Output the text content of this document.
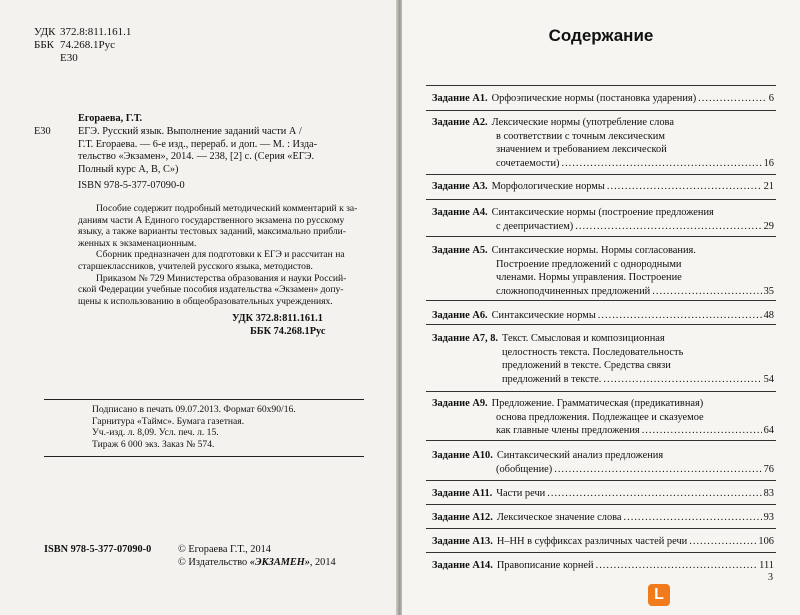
УДК 372.8:811.161.1
ББК 74.268.1Рус
Е30
Егораева, Г.Т.
Е30	ЕГЭ. Русский язык. Выполнение заданий части А /
Г.Т. Егораева. — 6-е изд., перераб. и доп. — М. : Изда-
тельство «Экзамен», 2014. — 238, [2] с. (Серия «ЕГЭ.
Полный курс А, В, С»)
ISBN 978-5-377-07090-0

Пособие содержит подробный методический комментарий к за-

даниям части А Единого государственного экзамена по русскому

языку, а также варианты тестовых заданий, максимально прибли-

женных к экзаменационным.

Сборник предназначен для подготовки к ЕГЭ и рассчитан на

старшеклассников, учителей русского языка, методистов.

Приказом № 729 Министерства образования и науки Россий-

ской Федерации учебные пособия издательства «Экзамен» допу-

щены к использованию в общеобразовательных учреждениях.

УДК 372.8:811.161.1
ББК 74.268.1Рус
Подписано в печать 09.07.2013. Формат 60x90/16.
Гарнитура «Таймс». Бумага газетная.
Уч.-изд. л. 8,09. Усл. печ. л. 15.
Тираж 6 000 экз. Заказ № 574.
ISBN 978-5-377-07090-0	© Егораева Г.Т., 2014
© Издательство «ЭКЗАМЕН», 2014
Содержание
Задание А1. Орфоэпические нормы (постановка ударения) .....	6
Задание А2. Лексические нормы (употребление слова
в соответствии с точным лексическим
значением и требованием лексической
сочетаемости) .....	16
Задание А3. Морфологические нормы .....	21
Задание А4. Синтаксические нормы (построение предложения
с деепричастием) .....	29
Задание А5. Синтаксические нормы. Нормы согласования.
Построение предложений с однородными
членами. Нормы управления. Построение
сложноподчиненных предложений .....	35
Задание А6. Синтаксические нормы .....	48
Задание А7, 8. Текст. Смысловая и композиционная
целостность текста. Последовательность
предложений в тексте. Средства связи
предложений в тексте. .....	54
Задание А9. Предложение. Грамматическая (предикативная)
основа предложения. Подлежащее и сказуемое
как главные члены предложения .....	64
Задание А10. Синтаксический анализ предложения
(обобщение) .....	76
Задание А11. Части речи .....	83
Задание А12. Лексическое значение слова .....	93
Задание А13. Н–НН в суффиксах различных частей речи .....	106
Задание А14. Правописание корней .....	111
3
L
